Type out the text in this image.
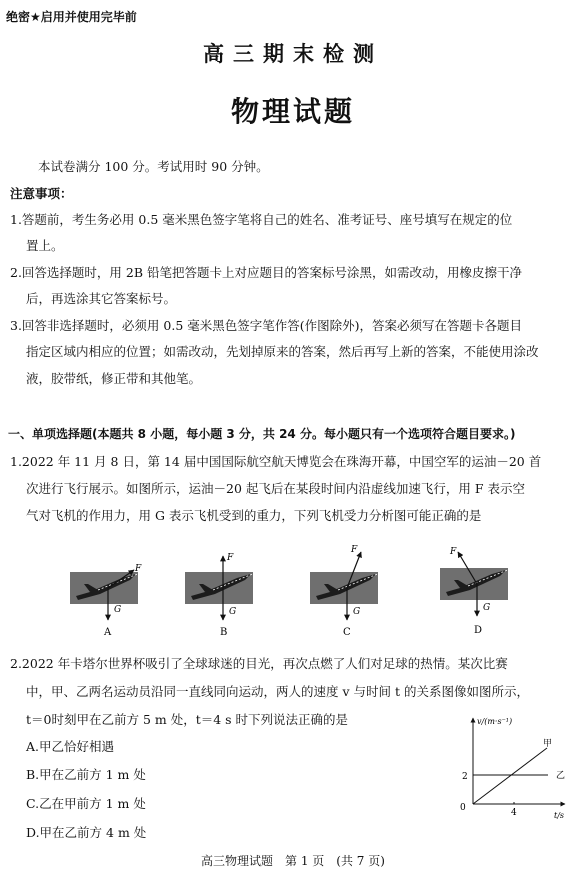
绝密★启用并使用完毕前
高三期末检测
物理试题
本试卷满分 100 分。考试用时 90 分钟。
注意事项：
1.答题前，考生务必用 0.5 毫米黑色签字笔将自己的姓名、准考证号、座号填写在规定的位
置上。
2.回答选择题时，用 2B 铅笔把答题卡上对应题目的答案标号涂黑，如需改动，用橡皮擦干净
后，再选涂其它答案标号。
3.回答非选择题时，必须用 0.5 毫米黑色签字笔作答(作图除外)，答案必须写在答题卡各题目
指定区域内相应的位置；如需改动，先划掉原来的答案，然后再写上新的答案，不能使用涂改
液，胶带纸，修正带和其他笔。
一、单项选择题(本题共 8 小题，每小题 3 分，共 24 分。每小题只有一个选项符合题目要求。)
1.2022 年 11 月 8 日，第 14 届中国国际航空航天博览会在珠海开幕，中国空军的运油－20 首
次进行飞行展示。如图所示，运油－20 起飞后在某段时间内沿虚线加速飞行，用 F 表示空
气对飞机的作用力，用 G 表示飞机受到的重力，下列飞机受力分析图可能正确的是
F
G
A
F
G
B
F
G
C
F
G
D
2.2022 年卡塔尔世界杯吸引了全球球迷的目光，再次点燃了人们对足球的热情。某次比赛
中，甲、乙两名运动员沿同一直线同向运动，两人的速度 v 与时间 t 的关系图像如图所示，
t＝0时刻甲在乙前方 5 m 处，t＝4 s 时下列说法正确的是
A.甲乙恰好相遇
B.甲在乙前方 1 m 处
C.乙在甲前方 1 m 处
D.甲在乙前方 4 m 处
v/(m·s⁻¹)
t/s
0
2
4
甲
乙
高三物理试题　第 1 页　(共 7 页)
